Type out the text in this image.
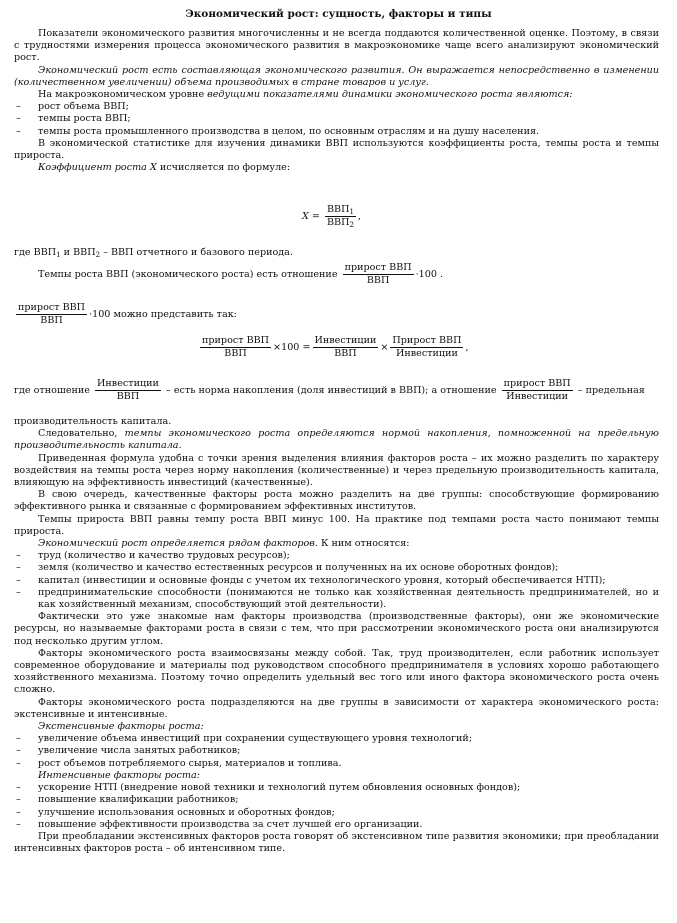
Экономический рост: сущность, факторы и типы

Показатели экономического развития многочисленны и не всегда поддаются количественной оценке. Поэтому, в связи с трудностями измерения процесса экономического развития в макроэкономике чаще всего анализируют экономический рост.

Экономический рост есть составляющая экономического развития. Он выражается непосредственно в изменении (количественном увеличении) объема производимых в стране товаров и услуг.

На макроэкономическом уровне ведущими показателями динамики экономического роста являются:

– рост объема ВВП;

– темпы роста ВВП;

– темпы роста промышленного производства в целом, по основным отраслям и на душу населения.

В экономической статистике для изучения динамики ВВП используются коэффициенты роста, темпы роста и темпы прироста.

Коэффициент роста X исчисляется по формуле:

$X = \frac{ВВП_1}{ВВП_2}$ ,

где $ВВП_1$ и $ВВП_2$ – ВВП отчетного и базового периода.

Темпы роста ВВП (экономического роста) есть отношение $\frac{\text{прирост ВВП}}{\text{ВВП}} \cdot 100$ .
$\frac{\text{прирост ВВП}}{\text{ВВП}} \cdot 100$ можно представить так:
$\frac{\text{прирост ВВП}}{\text{ВВП}} \times 100 = \frac{\text{Инвестиции}}{\text{ВВП}} \times \frac{\text{Прирост ВВП}}{\text{Инвестиции}}$ ,
где отношение $\frac{\text{Инвестиции}}{\text{ВВП}}$ – есть норма накопления (доля инвестиций в ВВП); а отношение $\frac{\text{прирост ВВП}}{\text{Инвестиции}}$ – предельная

производительность капитала.

Следовательно, темпы экономического роста определяются нормой накопления, помноженной на предельную производительность капитала.

Приведенная формула удобна с точки зрения выделения влияния факторов роста – их можно разделить по характеру воздействия на темпы роста через норму накопления (количественные) и через предельную производительность капитала, влияющую на эффективность инвестиций (качественные).

В свою очередь, качественные факторы роста можно разделить на две группы: способствующие формированию эффективного рынка и связанные с формированием эффективных институтов.

Темпы прироста ВВП равны темпу роста ВВП минус 100. На практике под темпами роста часто понимают темпы прироста.

Экономический рост определяется рядом факторов. К ним относятся:

– труд (количество и качество трудовых ресурсов);

– земля (количество и качество естественных ресурсов и полученных на их основе оборотных фондов);

– капитал (инвестиции и основные фонды с учетом их технологического уровня, который обеспечивается НТП);

– предпринимательские способности (понимаются не только как хозяйственная деятельность предпринимателей, но и как хозяйственный механизм, способствующий этой деятельности).

Фактически это уже знакомые нам факторы производства (производственные факторы), они же экономические ресурсы, но называемые факторами роста в связи с тем, что при рассмотрении экономического роста они анализируются под несколько другим углом.

Факторы экономического роста взаимосвязаны между собой. Так, труд производителен, если работник использует современное оборудование и материалы под руководством способного предпринимателя в условиях хорошо работающего хозяйственного механизма. Поэтому точно определить удельный вес того или иного фактора экономического роста очень сложно.

Факторы экономического роста подразделяются на две группы в зависимости от характера экономического роста: экстенсивные и интенсивные.

Экстенсивные факторы роста:

– увеличение объема инвестиций при сохранении существующего уровня технологий;

– увеличение числа занятых работников;

– рост объемов потребляемого сырья, материалов и топлива.

Интенсивные факторы роста:

– ускорение НТП (внедрение новой техники и технологий путем обновления основных фондов);

– повышение квалификации работников;

– улучшение использования основных и оборотных фондов;

– повышение эффективности производства за счет лучшей его организации.

При преобладании экстенсивных факторов роста говорят об экстенсивном типе развития экономики; при преобладании интенсивных факторов роста – об интенсивном типе.
